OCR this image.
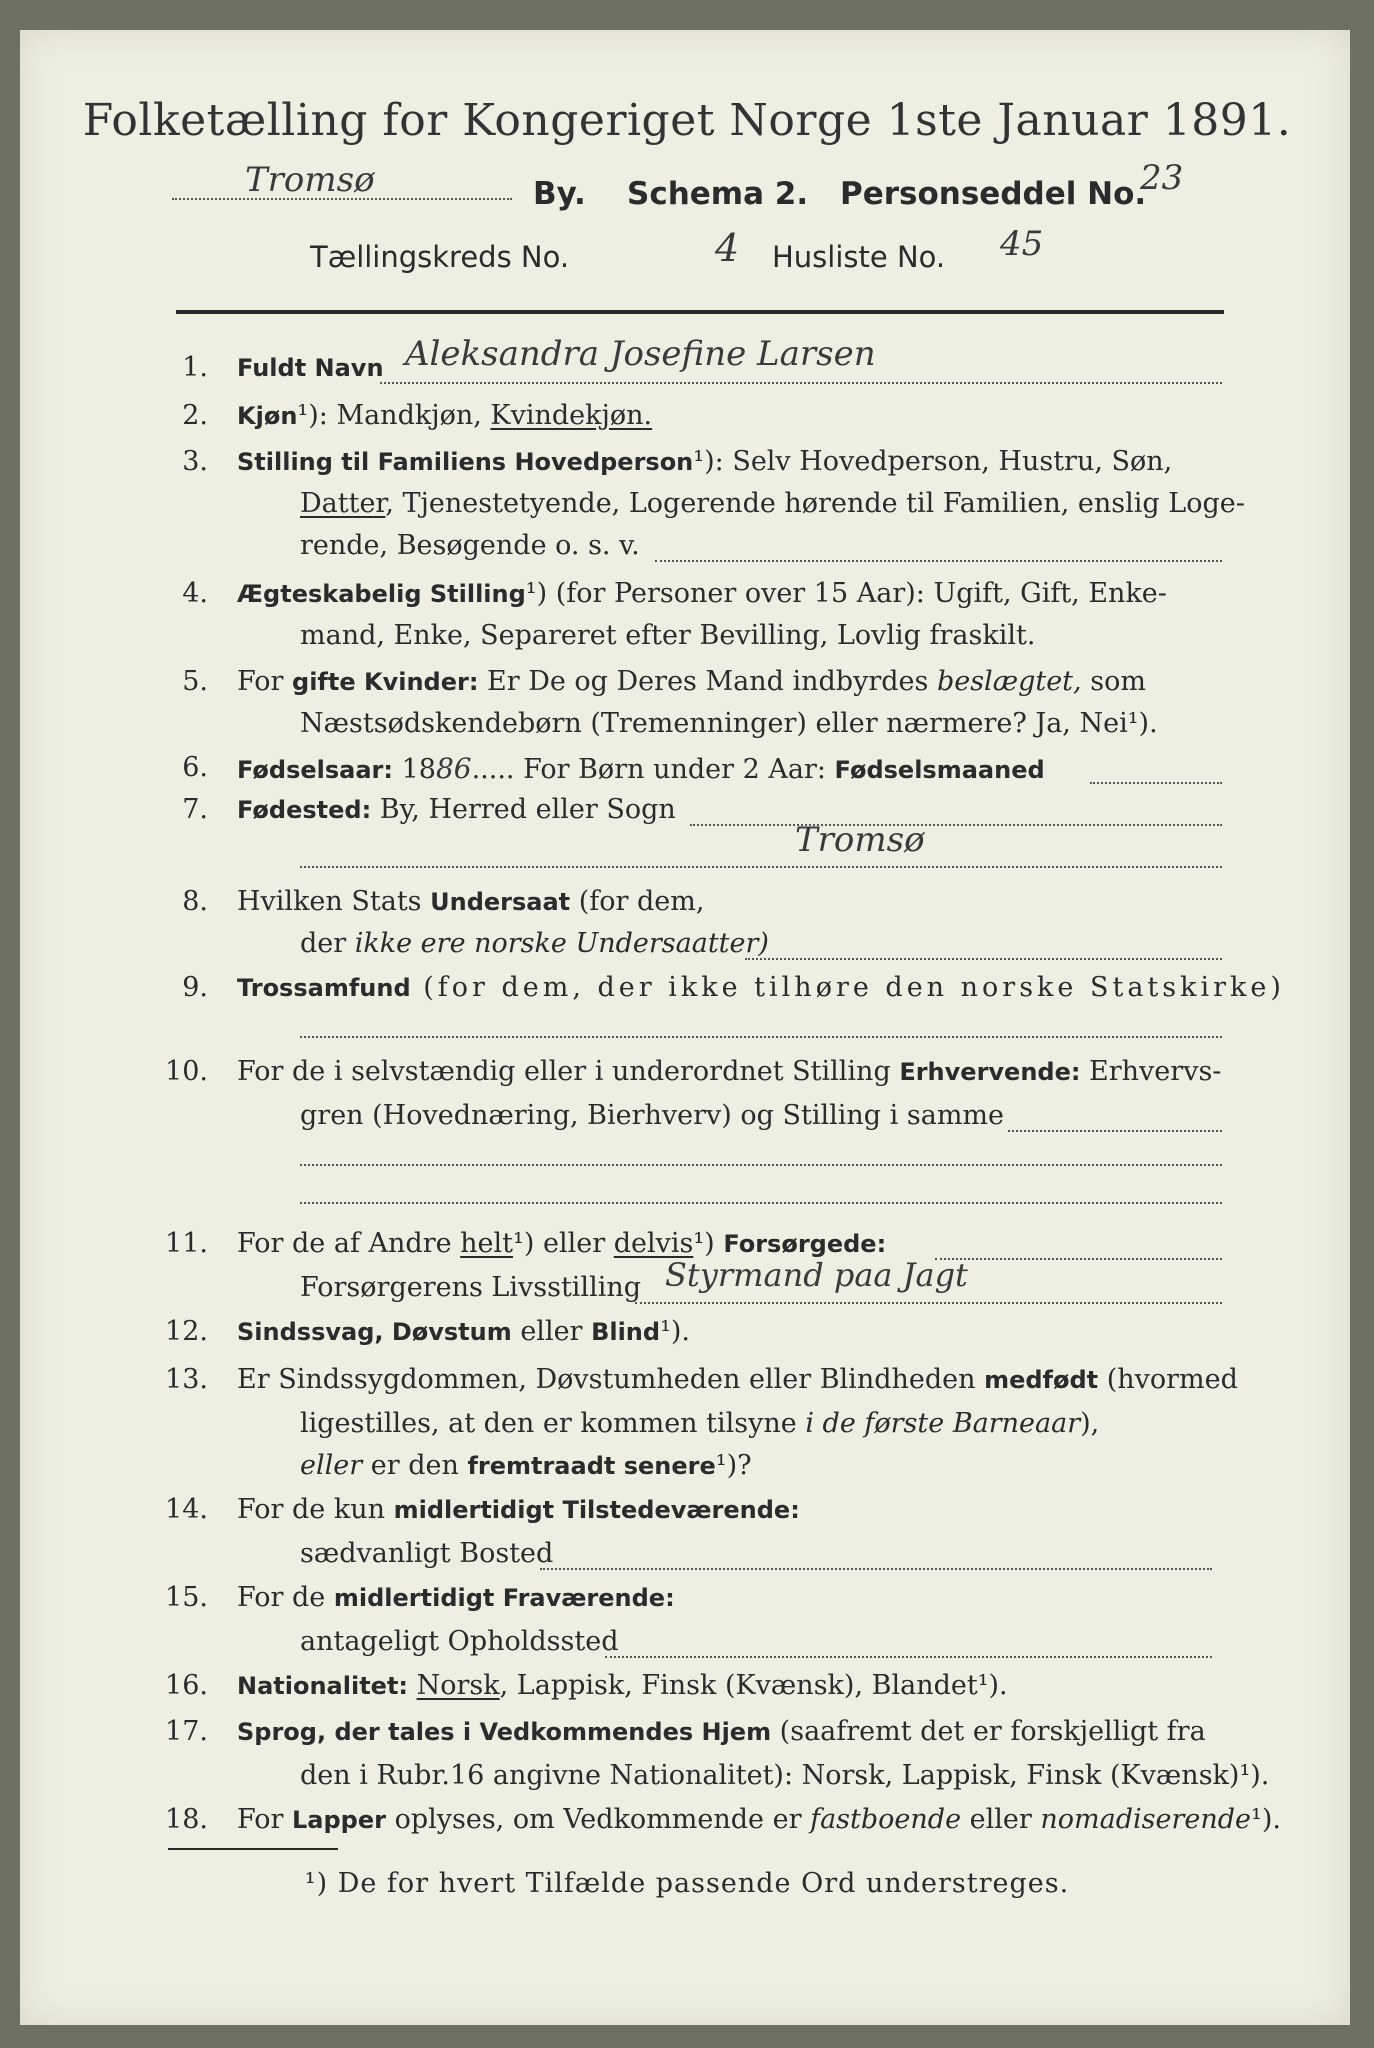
Folketælling for Kongeriget Norge 1ste Januar 1891.
Tromsø	By. Schema 2. Personseddel No.
23
Tællingskreds No.	4 Husliste No. 45
1. Fuldt Navn Aleksandra Josefine Larsen
2. Kjøn¹): Mandkjøn, Kvindekjøn.
3. Stilling til Familiens Hovedperson¹): Selv Hovedperson, Hustru, Søn,
Datter, Tjenestetyende, Logerende hørende til Familien, enslig Loge-
rende, Besøgende o. s. v.
4. Ægteskabelig Stilling¹) (for Personer over 15 Aar): Ugift, Gift, Enke-
mand, Enke, Separeret efter Bevilling, Lovlig fraskilt.
5. For gifte Kvinder: Er De og Deres Mand indbyrdes beslægtet, som
Næstsødskendebørn (Tremenninger) eller nærmere? Ja, Nei¹).
6. Fødselsaar: 1886..... For Børn under 2 Aar: Fødselsmaaned
7. Fødested: By, Herred eller Sogn
Tromsø
8. Hvilken Stats Undersaat (for dem,
der ikke ere norske Undersaatter)
9. Trossamfund (for dem, der ikke tilhøre den norske Statskirke)
10. For de i selvstændig eller i underordnet Stilling Erhvervende: Erhvervs-
gren (Hovednæring, Bierhverv) og Stilling i samme
11. For de af Andre helt¹) eller delvis¹) Forsørgede:
Forsørgerens Livsstilling Styrmand paa Jagt
12. Sindssvag, Døvstum eller Blind¹).
13. Er Sindssygdommen, Døvstumheden eller Blindheden medfødt (hvormed
ligestilles, at den er kommen tilsyne i de første Barneaar),
eller er den fremtraadt senere¹)?
14. For de kun midlertidigt Tilstedeværende:
sædvanligt Bosted
15. For de midlertidigt Fraværende:
antageligt Opholdssted
16. Nationalitet: Norsk, Lappisk, Finsk (Kvænsk), Blandet¹).
17. Sprog, der tales i Vedkommendes Hjem (saafremt det er forskjelligt fra
den i Rubr.16 angivne Nationalitet): Norsk, Lappisk, Finsk (Kvænsk)¹).
18. For Lapper oplyses, om Vedkommende er fastboende eller nomadiserende¹).
¹) De for hvert Tilfælde passende Ord understreges.
